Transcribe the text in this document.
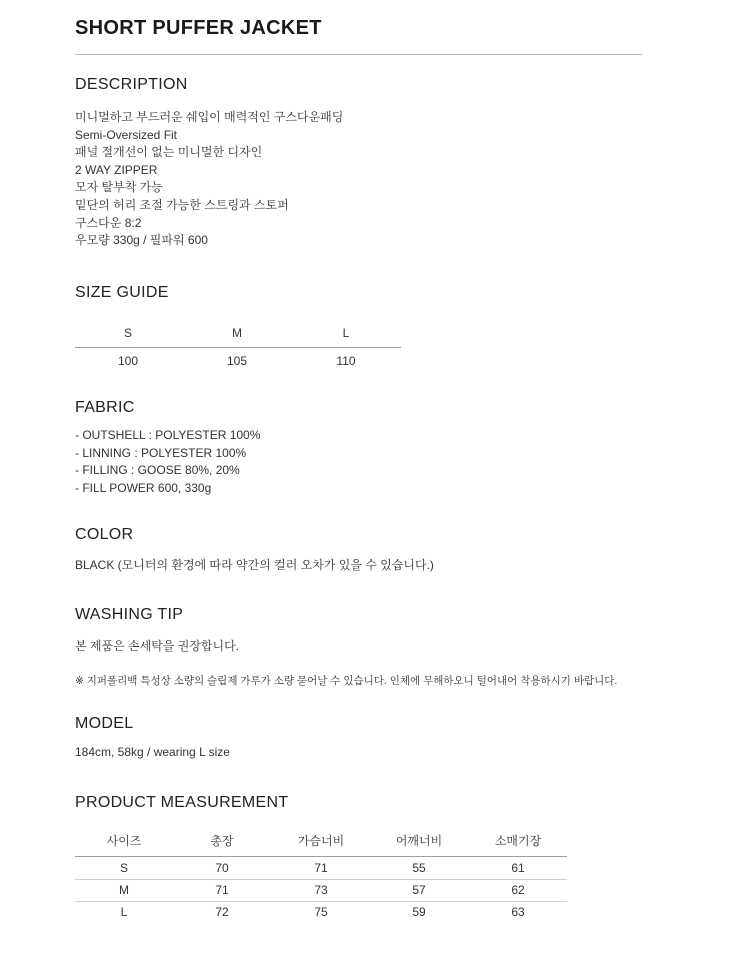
SHORT PUFFER JACKET
DESCRIPTION
미니멀하고 부드러운 쉐입이 매력적인 구스다운패딩
Semi-Oversized Fit
패널 절개선이 없는 미니멀한 디자인
2 WAY ZIPPER
모자 탈부착 가능
밑단의 허리 조절 가능한 스트링과 스토퍼
구스다운 8:2
우모량 330g / 필파워 600
SIZE GUIDE
S	M	L
100	105	110
FABRIC
- OUTSHELL : POLYESTER 100%
- LINNING : POLYESTER 100%
- FILLING : GOOSE 80%, 20%
- FILL POWER 600, 330g
COLOR
BLACK (모니터의 환경에 따라 약간의 컬러 오차가 있을 수 있습니다.)
WASHING TIP
본 제품은 손세탁을 권장합니다.
※ 지퍼폴리백 특성상 소량의 슬립제 가루가 소량 묻어날 수 있습니다. 인체에 무해하오니 털어내어 착용하시기 바랍니다.
MODEL
184cm, 58kg / wearing L size
PRODUCT MEASUREMENT
사이즈	총장	가슴너비	어깨너비	소매기장
S	70	71	55	61
M	71	73	57	62
L	72	75	59	63
